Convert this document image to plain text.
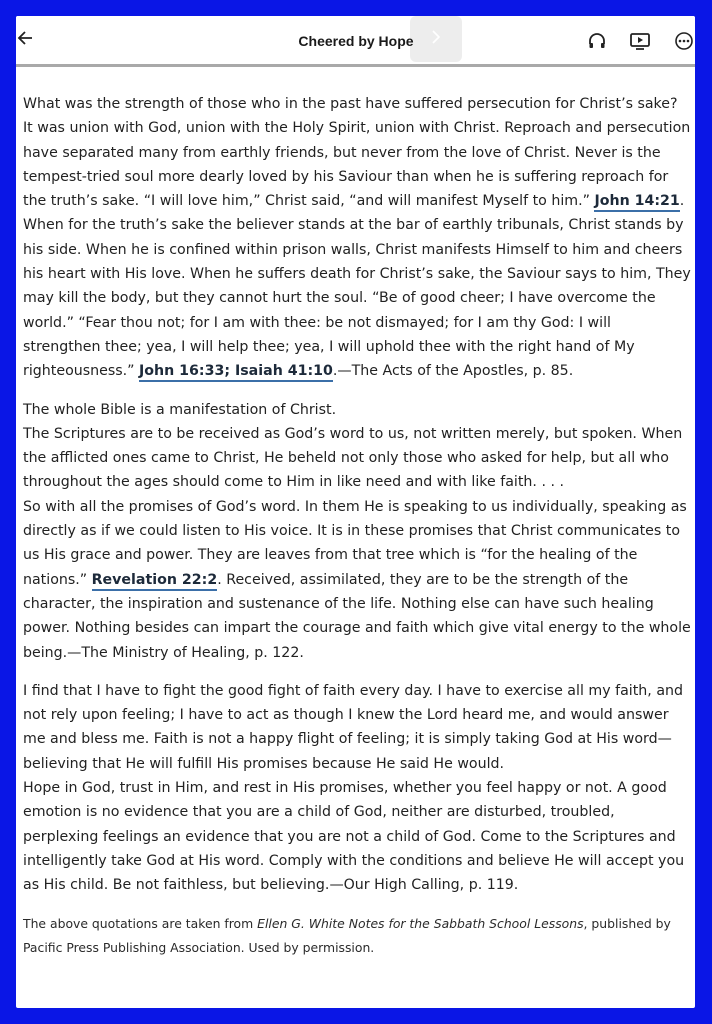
Cheered by Hope

What was the strength of those who in the past have suffered persecution for Christ’s sake? It was union with God, union with the Holy Spirit, union with Christ. Reproach and persecution have separated many from earthly friends, but never from the love of Christ. Never is the tempest-tried soul more dearly loved by his Saviour than when he is suffering reproach for the truth’s sake. “I will love him,” Christ said, “and will manifest Myself to him.” John 14:21.

When for the truth’s sake the believer stands at the bar of earthly tribunals, Christ stands by his side. When he is confined within prison walls, Christ manifests Himself to him and cheers his heart with His love. When he suffers death for Christ’s sake, the Saviour says to him, They may kill the body, but they cannot hurt the soul. “Be of good cheer; I have overcome the world.” “Fear thou not; for I am with thee: be not dismayed; for I am thy God: I will strengthen thee; yea, I will help thee; yea, I will uphold thee with the right hand of My righteousness.” John 16:33; Isaiah 41:10.—The Acts of the Apostles, p. 85.

The whole Bible is a manifestation of Christ.

The Scriptures are to be received as God’s word to us, not written merely, but spoken. When the afflicted ones came to Christ, He beheld not only those who asked for help, but all who throughout the ages should come to Him in like need and with like faith. . . .

So with all the promises of God’s word. In them He is speaking to us individually, speaking as directly as if we could listen to His voice. It is in these promises that Christ communicates to us His grace and power. They are leaves from that tree which is “for the healing of the nations.” Revelation 22:2. Received, assimilated, they are to be the strength of the character, the inspiration and sustenance of the life. Nothing else can have such healing power. Nothing besides can impart the courage and faith which give vital energy to the whole being.—The Ministry of Healing, p. 122.

I find that I have to fight the good fight of faith every day. I have to exercise all my faith, and not rely upon feeling; I have to act as though I knew the Lord heard me, and would answer me and bless me. Faith is not a happy flight of feeling; it is simply taking God at His word—believing that He will fulfill His promises because He said He would.

Hope in God, trust in Him, and rest in His promises, whether you feel happy or not. A good emotion is no evidence that you are a child of God, neither are disturbed, troubled, perplexing feelings an evidence that you are not a child of God. Come to the Scriptures and intelligently take God at His word. Comply with the conditions and believe He will accept you as His child. Be not faithless, but believing.—Our High Calling, p. 119.

The above quotations are taken from Ellen G. White Notes for the Sabbath School Lessons, published by Pacific Press Publishing Association. Used by permission.
